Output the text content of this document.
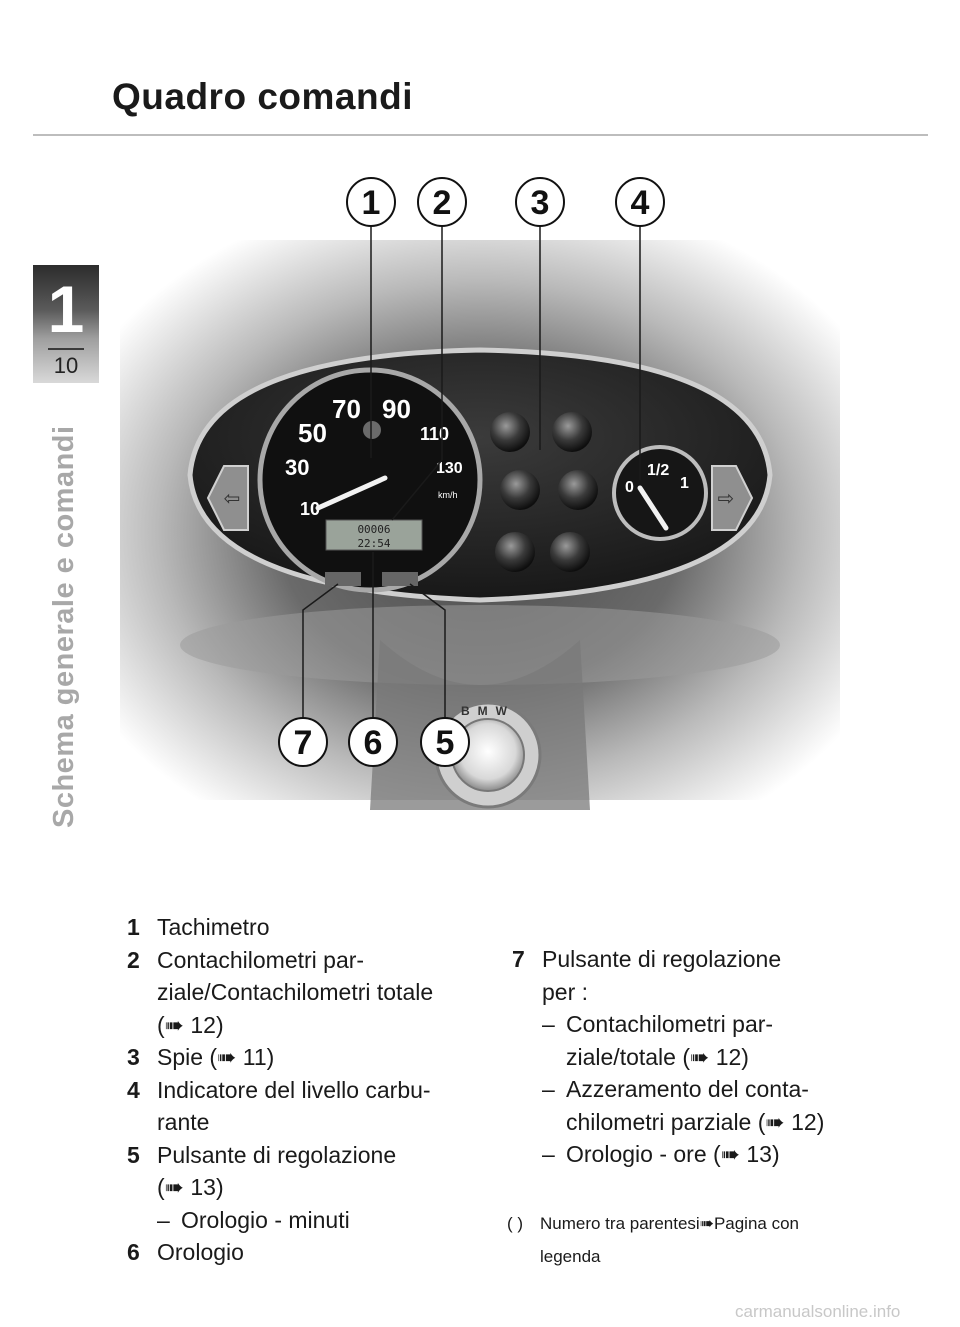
Quadro comandi
1
10
Schema generale e comandi	⇦	⇨
10
30
50
70 90
110
130
km/h
00006
22:54
0
1/2
1
BMW
1 2 3 4
5
6
7
1 Tachimetro
2 Contachilometri par-
ziale/Contachilometri totale
(➠ 12)
3 Spie (➠ 11)
4 Indicatore del livello carbu-
rante
5 Pulsante di regolazione
(➠ 13)
– Orologio - minuti
6 Orologio
7 Pulsante di regolazione
per :
– Contachilometri par-
ziale/totale (➠ 12)
– Azzeramento del conta-
chilometri parziale (➠ 12)
– Orologio - ore (➠ 13)
( ) Numero tra parentesi➠Pagina con
legenda
carmanualsonline.info
